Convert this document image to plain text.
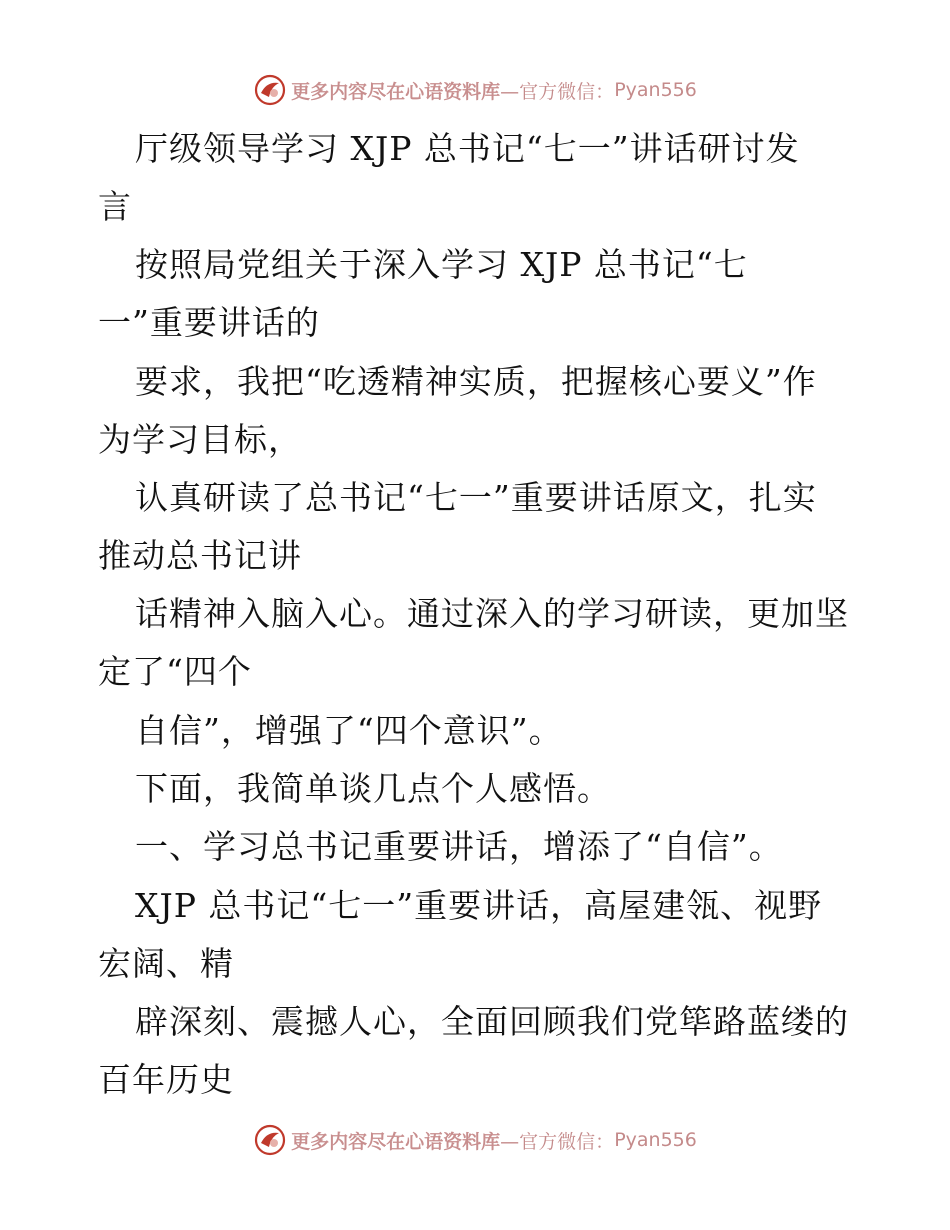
更多内容尽在心语资料库 —官方微信： Pyan556
厅级领导学习 XJP 总书记“七一”讲话研讨发
言
按照局党组关于深入学习 XJP 总书记“七
一”重要讲话的
要求，我把“吃透精神实质，把握核心要义”作
为学习目标，
认真研读了总书记“七一”重要讲话原文，扎实
推动总书记讲
话精神入脑入心。通过深入的学习研读，更加坚
定了“四个
自信”，增强了“四个意识”。
下面，我简单谈几点个人感悟。
一、学习总书记重要讲话，增添了“自信”。
XJP 总书记“七一”重要讲话，高屋建瓴、视野
宏阔、精
辟深刻、震撼人心，全面回顾我们党筚路蓝缕的
百年历史
更多内容尽在心语资料库 —官方微信： Pyan556
